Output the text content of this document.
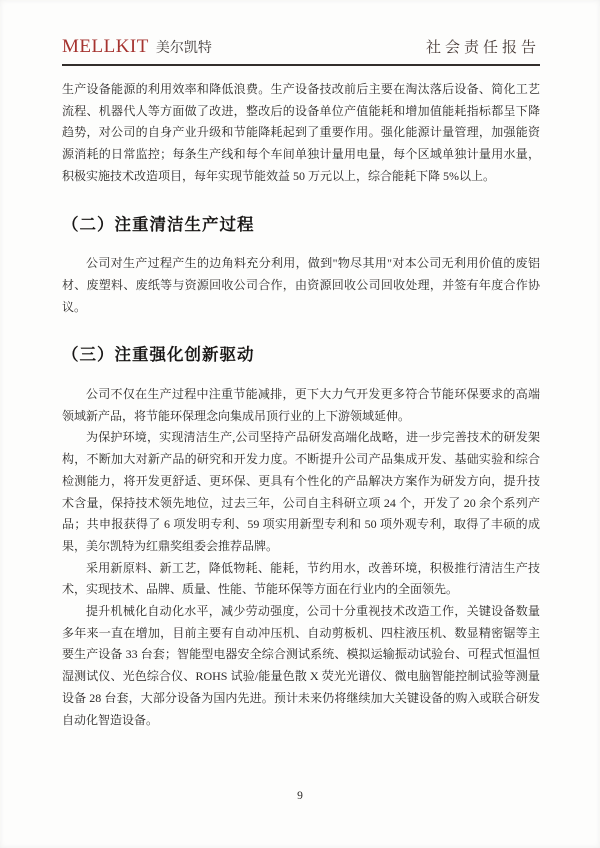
MELLKIT 美尔凯特	社会责任报告

生产设备能源的利用效率和降低浪费。生产设备技改前后主要在淘汰落后设备、简化工艺流程、机器代人等方面做了改进，整改后的设备单位产值能耗和增加值能耗指标都呈下降趋势，对公司的自身产业升级和节能降耗起到了重要作用。强化能源计量管理，加强能资源消耗的日常监控；每条生产线和每个车间单独计量用电量，每个区域单独计量用水量，积极实施技术改造项目，每年实现节能效益 50 万元以上，综合能耗下降 5%以上。

（二）注重清洁生产过程

公司对生产过程产生的边角料充分利用，做到"物尽其用"对本公司无利用价值的废铝材、废塑料、废纸等与资源回收公司合作，由资源回收公司回收处理，并签有年度合作协议。

（三）注重强化创新驱动

公司不仅在生产过程中注重节能减排，更下大力气开发更多符合节能环保要求的高端领域新产品，将节能环保理念向集成吊顶行业的上下游领域延伸。

为保护环境，实现清洁生产,公司坚持产品研发高端化战略，进一步完善技术的研发架构，不断加大对新产品的研究和开发力度。不断提升公司产品集成开发、基础实验和综合检测能力，将开发更舒适、更环保、更具有个性化的产品解决方案作为研发方向，提升技术含量，保持技术领先地位，过去三年，公司自主科研立项 24 个，开发了 20 余个系列产品；共申报获得了 6 项发明专利、59 项实用新型专利和 50 项外观专利，取得了丰硕的成果，美尔凯特为红鼎奖组委会推荐品牌。

采用新原料、新工艺，降低物耗、能耗，节约用水，改善环境，积极推行清洁生产技术，实现技术、品牌、质量、性能、节能环保等方面在行业内的全面领先。

提升机械化自动化水平，减少劳动强度，公司十分重视技术改造工作，关键设备数量多年来一直在增加，目前主要有自动冲压机、自动剪板机、四柱液压机、数显精密锯等主要生产设备 33 台套；智能型电器安全综合测试系统、模拟运输振动试验台、可程式恒温恒湿测试仪、光色综合仪、ROHS 试验/能量色散 X 荧光光谱仪、微电脑智能控制试验等测量设备 28 台套，大部分设备为国内先进。预计未来仍将继续加大关键设备的购入或联合研发自动化智造设备。

9
